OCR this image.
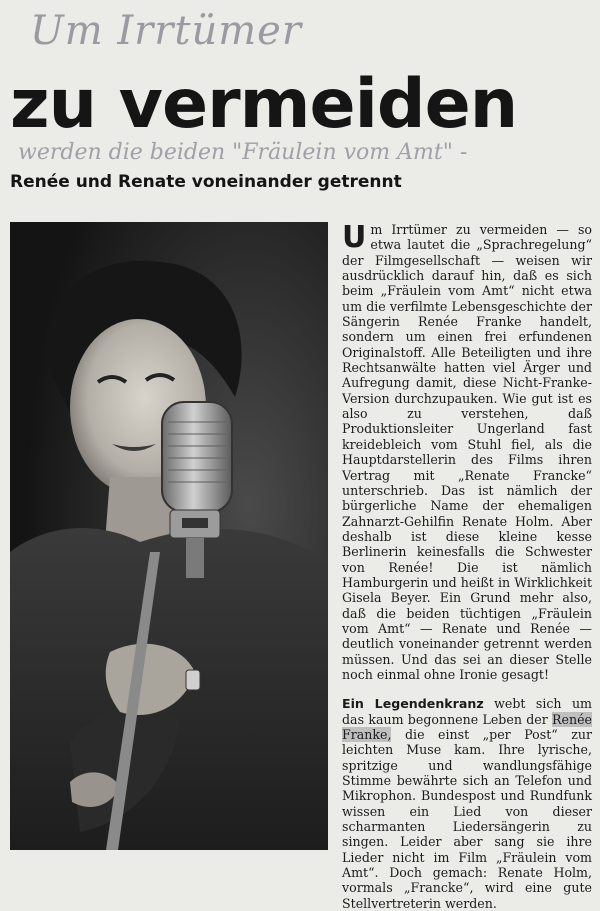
Um Irrtümer
zu vermeiden
werden die beiden "Fräulein vom Amt" -
Renée und Renate voneinander getrennt

Um Irrtümer zu vermeiden — so etwa lautet die „Sprachregelung“ der Filmgesellschaft — weisen wir ausdrücklich darauf hin, daß es sich beim „Fräulein vom Amt“ nicht etwa um die verfilmte Lebensgeschichte der Sängerin Renée Franke handelt, sondern um einen frei erfundenen Originalstoff. Alle Beteiligten und ihre Rechtsanwälte hatten viel Ärger und Aufregung damit, diese Nicht-Franke-Version durchzupauken. Wie gut ist es also zu verstehen, daß Produktionsleiter Ungerland fast kreidebleich vom Stuhl fiel, als die Hauptdarstellerin des Films ihren Vertrag mit „Renate Francke“ unterschrieb. Das ist nämlich der bürgerliche Name der ehemaligen Zahnarzt-Gehilfin Renate Holm. Aber deshalb ist diese kleine kesse Berlinerin keinesfalls die Schwester von Renée! Die ist nämlich Hamburgerin und heißt in Wirklichkeit Gisela Beyer. Ein Grund mehr also, daß die beiden tüchtigen „Fräulein vom Amt“ — Renate und Renée — deutlich voneinander getrennt werden müssen. Und das sei an dieser Stelle noch einmal ohne Ironie gesagt!

Ein Legendenkranz webt sich um das kaum begonnene Leben der Renée Franke, die einst „per Post“ zur leichten Muse kam. Ihre lyrische, spritzige und wandlungsfähige Stimme bewährte sich an Telefon und Mikrophon. Bundespost und Rundfunk wissen ein Lied von dieser scharmanten Liedersängerin zu singen. Leider aber sang sie ihre Lieder nicht im Film „Fräulein vom Amt“. Doch gemach: Renate Holm, vormals „Francke“, wird eine gute Stellvertreterin werden.
